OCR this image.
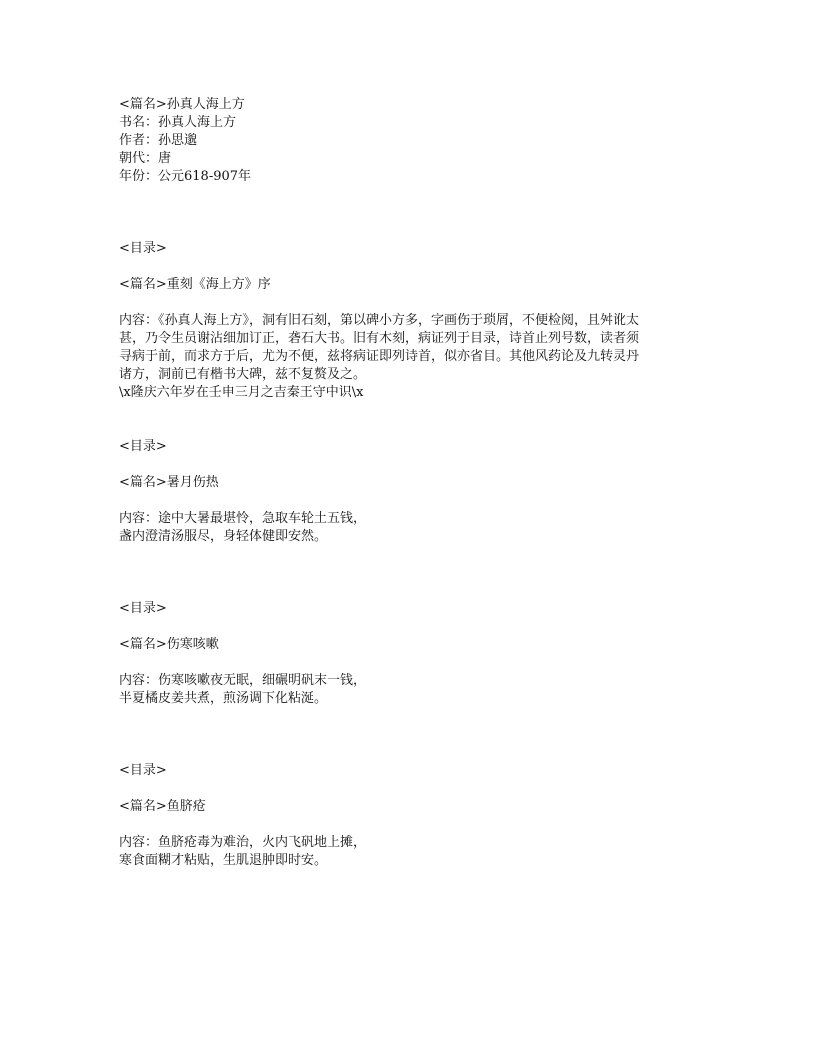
<篇名>孙真人海上方
书名：孙真人海上方
作者：孙思邈
朝代：唐
年份：公元618-907年
<目录>
<篇名>重刻《海上方》序
内容：《孙真人海上方》，洞有旧石刻，第以碑小方多，字画伤于琐屑，不便检阅，且舛讹太
甚，乃令生员谢沾细加订正，砻石大书。旧有木刻，病证列于目录，诗首止列号数，读者须
寻病于前，而求方于后，尤为不便，兹将病证即列诗首，似亦省目。其他风药论及九转灵丹
诸方，洞前已有楷书大碑，兹不复赘及之。
\x隆庆六年岁在壬申三月之吉秦王守中识\x
<目录>
<篇名>暑月伤热
内容：途中大暑最堪怜，急取车轮土五钱，
盏内澄清汤服尽，身轻体健即安然。
<目录>
<篇名>伤寒咳嗽
内容：伤寒咳嗽夜无眠，细碾明矾末一钱，
半夏橘皮姜共煮，煎汤调下化粘涎。
<目录>
<篇名>鱼脐疮
内容：鱼脐疮毒为难治，火内飞矾地上摊，
寒食面糊才粘贴，生肌退肿即时安。
